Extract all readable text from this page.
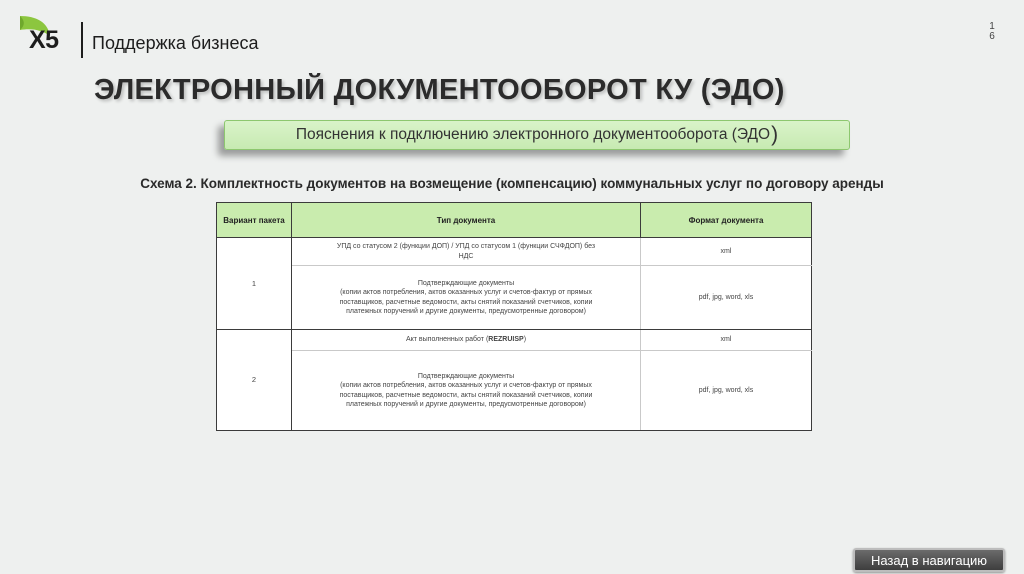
X5 Поддержка бизнеса
1
6
ЭЛЕКТРОННЫЙ ДОКУМЕНТООБОРОТ КУ (ЭДО)
Пояснения к подключению электронного документооборота (ЭДО )
Схема 2. Комплектность документов на возмещение (компенсацию) коммунальных услуг по договору аренды
Вариант пакета	Тип документа	Формат документа
1	УПД со статусом 2 (функции ДОП) / УПД со статусом 1 (функции СЧФДОП) без
НДС	xml

	Подтверждающие документы
(копии актов потребления, актов оказанных услуг и счетов-фактур от прямых
поставщиков, расчетные ведомости, акты снятий показаний счетчиков, копии
платежных поручений и другие документы, предусмотренные договором)	pdf, jpg, word, xls
2	Акт выполненных работ (REZRUISP)	xml

	Подтверждающие документы
(копии актов потребления, актов оказанных услуг и счетов-фактур от прямых
поставщиков, расчетные ведомости, акты снятий показаний счетчиков, копии
платежных поручений и другие документы, предусмотренные договором)	pdf, jpg, word, xls
Назад в навигацию
